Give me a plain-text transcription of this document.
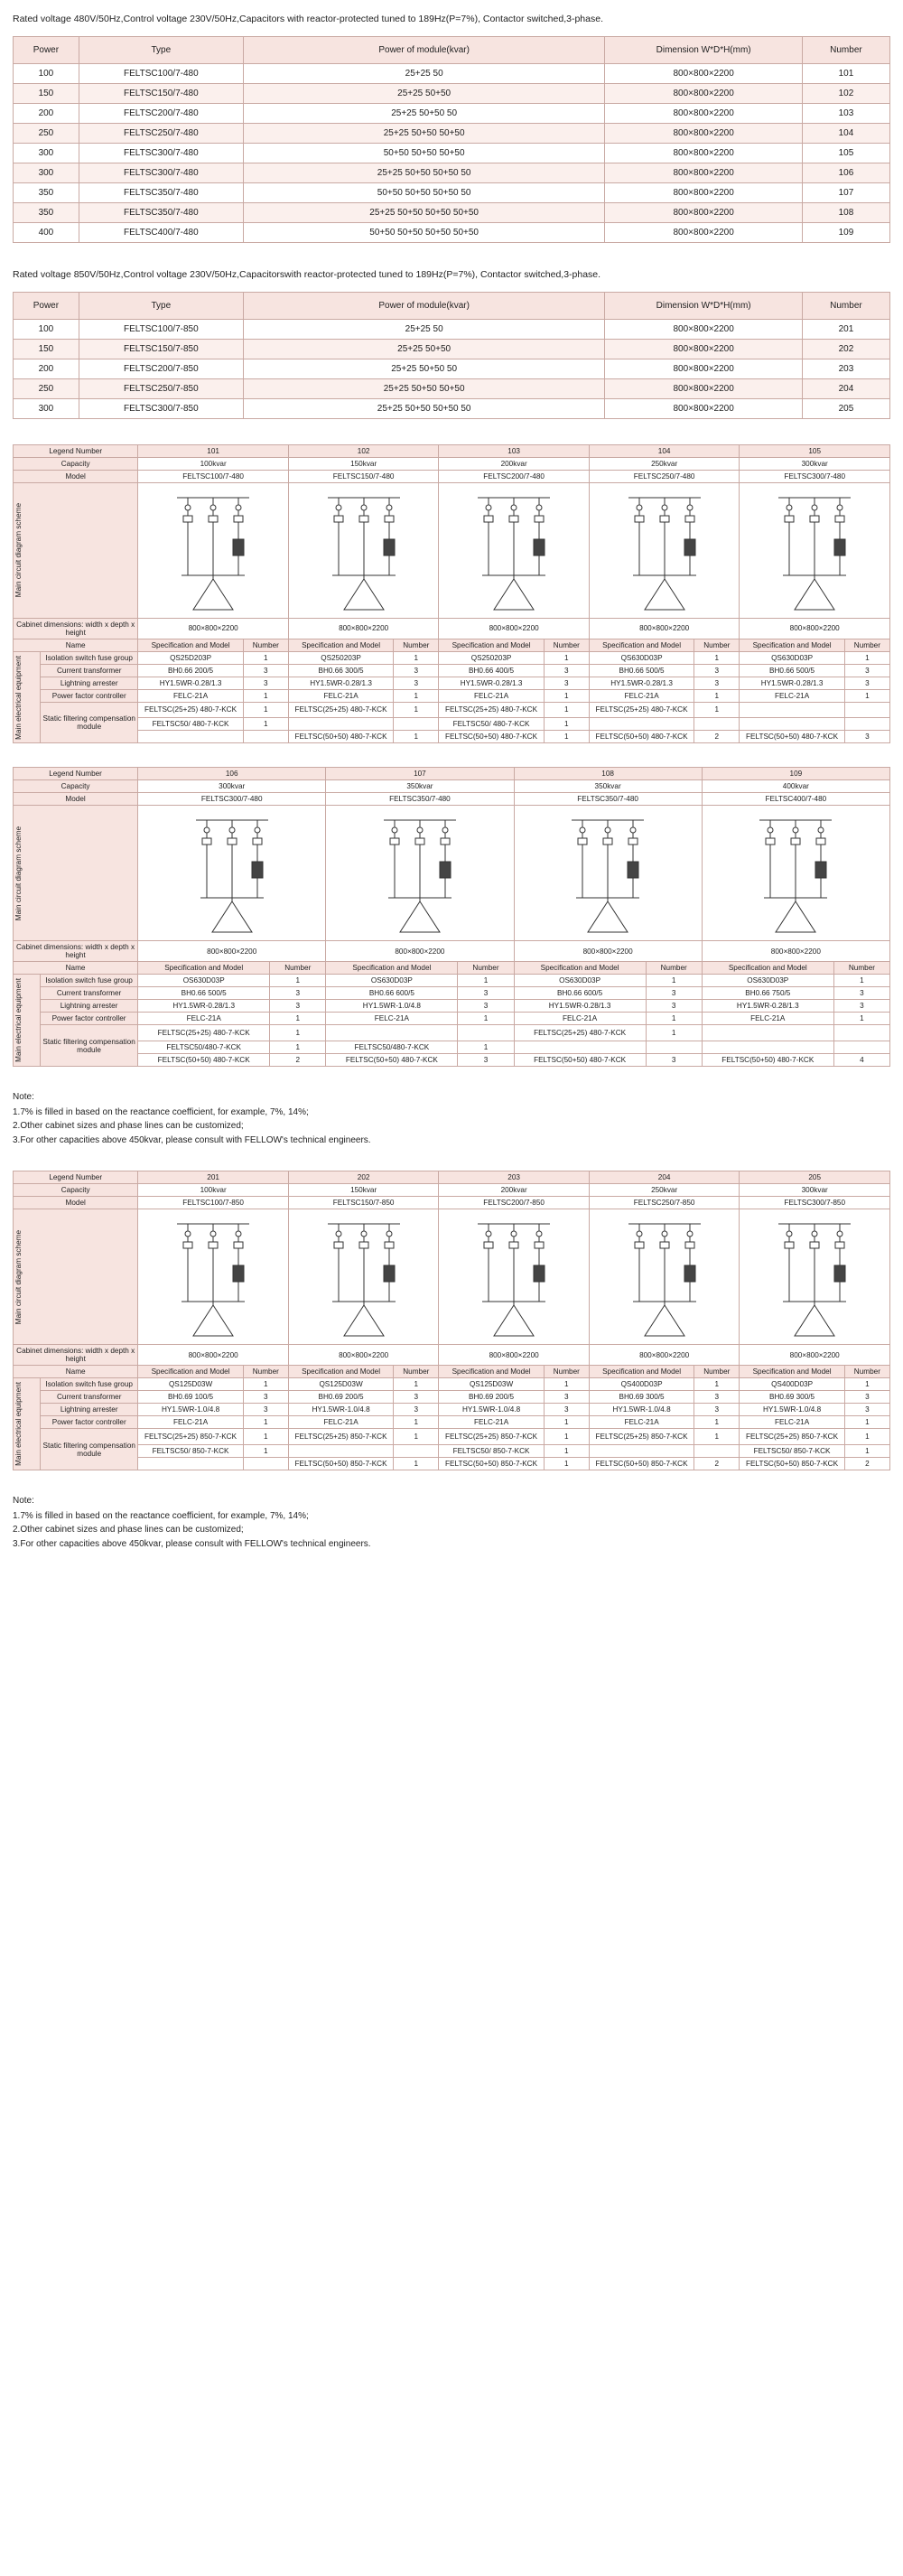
Rated voltage 480V/50Hz,Control voltage 230V/50Hz,Capacitors with reactor-protected tuned to 189Hz(P=7%), Contactor switched,3-phase.
Power	Type	Power of module(kvar)	Dimension W*D*H(mm)	Number
100	FELTSC100/7-480	25+25 50	800×800×2200	101
150	FELTSC150/7-480	25+25 50+50	800×800×2200	102
200	FELTSC200/7-480	25+25 50+50 50	800×800×2200	103
250	FELTSC250/7-480	25+25 50+50 50+50	800×800×2200	104
300	FELTSC300/7-480	50+50 50+50 50+50	800×800×2200	105
300	FELTSC300/7-480	25+25 50+50 50+50 50	800×800×2200	106
350	FELTSC350/7-480	50+50 50+50 50+50 50	800×800×2200	107
350	FELTSC350/7-480	25+25 50+50 50+50 50+50	800×800×2200	108
400	FELTSC400/7-480	50+50 50+50 50+50 50+50	800×800×2200	109
Rated voltage 850V/50Hz,Control voltage 230V/50Hz,Capacitorswith reactor-protected tuned to 189Hz(P=7%), Contactor switched,3-phase.
Power	Type	Power of module(kvar)	Dimension W*D*H(mm)	Number
100	FELTSC100/7-850	25+25 50	800×800×2200	201
150	FELTSC150/7-850	25+25 50+50	800×800×2200	202
200	FELTSC200/7-850	25+25 50+50 50	800×800×2200	203
250	FELTSC250/7-850	25+25 50+50 50+50	800×800×2200	204
300	FELTSC300/7-850	25+25 50+50 50+50 50	800×800×2200	205
Legend Number		101		102		103		104		105	
Capacity		100kvar		150kvar		200kvar		250kvar		300kvar	
Model		FELTSC100/7-480		FELTSC150/7-480		FELTSC200/7-480		FELTSC250/7-480		FELTSC300/7-480	

Main circuit diagram scheme

Cabinet dimensions: width x depth x height		800×800×2200		800×800×2200		800×800×2200		800×800×2200		800×800×2200	
Name		Specification and Model	Number	Specification and Model	Number	Specification and Model	Number	Specification and Model	Number	Specification and Model	Number

Main electrical equipment	Isolation switch fuse group	QS25D203P	1	QS250203P	1	QS250203P	1	QS630D03P	1	QS630D03P	1
	Current transformer	BH0.66 200/5	3	BH0.66 300/5	3	BH0.66 400/5	3	BH0.66 500/5	3	BH0.66 500/5	3
	Lightning arrester	HY1.5WR-0.28/1.3	3	HY1.5WR-0.28/1.3	3	HY1.5WR-0.28/1.3	3	HY1.5WR-0.28/1.3	3	HY1.5WR-0.28/1.3	3
	Power factor controller	FELC-21A	1	FELC-21A	1	FELC-21A	1	FELC-21A	1	FELC-21A	1
	Static filtering compensation module	FELTSC(25+25) 480-7-KCK	1	FELTSC(25+25) 480-7-KCK	1	FELTSC(25+25) 480-7-KCK	1	FELTSC(25+25) 480-7-KCK	1		
		FELTSC50/ 480-7-KCK	1			FELTSC50/ 480-7-KCK	1				
				FELTSC(50+50) 480-7-KCK	1	FELTSC(50+50) 480-7-KCK	1	FELTSC(50+50) 480-7-KCK	2	FELTSC(50+50) 480-7-KCK	3
Legend Number		106		107		108		109	
Capacity		300kvar		350kvar		350kvar		400kvar	
Model		FELTSC300/7-480		FELTSC350/7-480		FELTSC350/7-480		FELTSC400/7-480	

Main circuit diagram scheme

Cabinet dimensions: width x depth x height		800×800×2200		800×800×2200		800×800×2200		800×800×2200	
Name		Specification and Model	Number	Specification and Model	Number	Specification and Model	Number	Specification and Model	Number

Main electrical equipment	Isolation switch fuse group	OS630D03P	1	OS630D03P	1	OS630D03P	1	OS630D03P	1
	Current transformer	BH0.66 500/5	3	BH0.66 600/5	3	BH0.66 600/5	3	BH0.66 750/5	3
	Lightning arrester	HY1.5WR-0.28/1.3	3	HY1.5WR-1.0/4.8	3	HY1.5WR-0.28/1.3	3	HY1.5WR-0.28/1.3	3
	Power factor controller	FELC-21A	1	FELC-21A	1	FELC-21A	1	FELC-21A	1
	Static filtering compensation module	FELTSC(25+25) 480-7-KCK	1			FELTSC(25+25) 480-7-KCK	1		
		FELTSC50/480-7-KCK	1	FELTSC50/480-7-KCK	1				
		FELTSC(50+50) 480-7-KCK	2	FELTSC(50+50) 480-7-KCK	3	FELTSC(50+50) 480-7-KCK	3	FELTSC(50+50) 480-7-KCK	4
Note:
1.7% is filled in based on the reactance coefficient, for example, 7%, 14%;
2.Other cabinet sizes and phase lines can be customized;
3.For other capacities above 450kvar, please consult with FELLOW's technical engineers.
Legend Number		201		202		203		204		205	
Capacity		100kvar		150kvar		200kvar		250kvar		300kvar	
Model		FELTSC100/7-850		FELTSC150/7-850		FELTSC200/7-850		FELTSC250/7-850		FELTSC300/7-850	

Main circuit diagram scheme

Cabinet dimensions: width x depth x height		800×800×2200		800×800×2200		800×800×2200		800×800×2200		800×800×2200	
Name		Specification and Model	Number	Specification and Model	Number	Specification and Model	Number	Specification and Model	Number	Specification and Model	Number

Main electrical equipment	Isolation switch fuse group	QS125D03W	1	QS125D03W	1	QS125D03W	1	QS400D03P	1	QS400D03P	1
	Current transformer	BH0.69 100/5	3	BH0.69 200/5	3	BH0.69 200/5	3	BH0.69 300/5	3	BH0.69 300/5	3
	Lightning arrester	HY1.5WR-1.0/4.8	3	HY1.5WR-1.0/4.8	3	HY1.5WR-1.0/4.8	3	HY1.5WR-1.0/4.8	3	HY1.5WR-1.0/4.8	3
	Power factor controller	FELC-21A	1	FELC-21A	1	FELC-21A	1	FELC-21A	1	FELC-21A	1
	Static filtering compensation module	FELTSC(25+25) 850-7-KCK	1	FELTSC(25+25) 850-7-KCK	1	FELTSC(25+25) 850-7-KCK	1	FELTSC(25+25) 850-7-KCK	1	FELTSC(25+25) 850-7-KCK	1
		FELTSC50/ 850-7-KCK	1			FELTSC50/ 850-7-KCK	1			FELTSC50/ 850-7-KCK	1
				FELTSC(50+50) 850-7-KCK	1	FELTSC(50+50) 850-7-KCK	1	FELTSC(50+50) 850-7-KCK	2	FELTSC(50+50) 850-7-KCK	2
Note:
1.7% is filled in based on the reactance coefficient, for example, 7%, 14%;
2.Other cabinet sizes and phase lines can be customized;
3.For other capacities above 450kvar, please consult with FELLOW's technical engineers.
